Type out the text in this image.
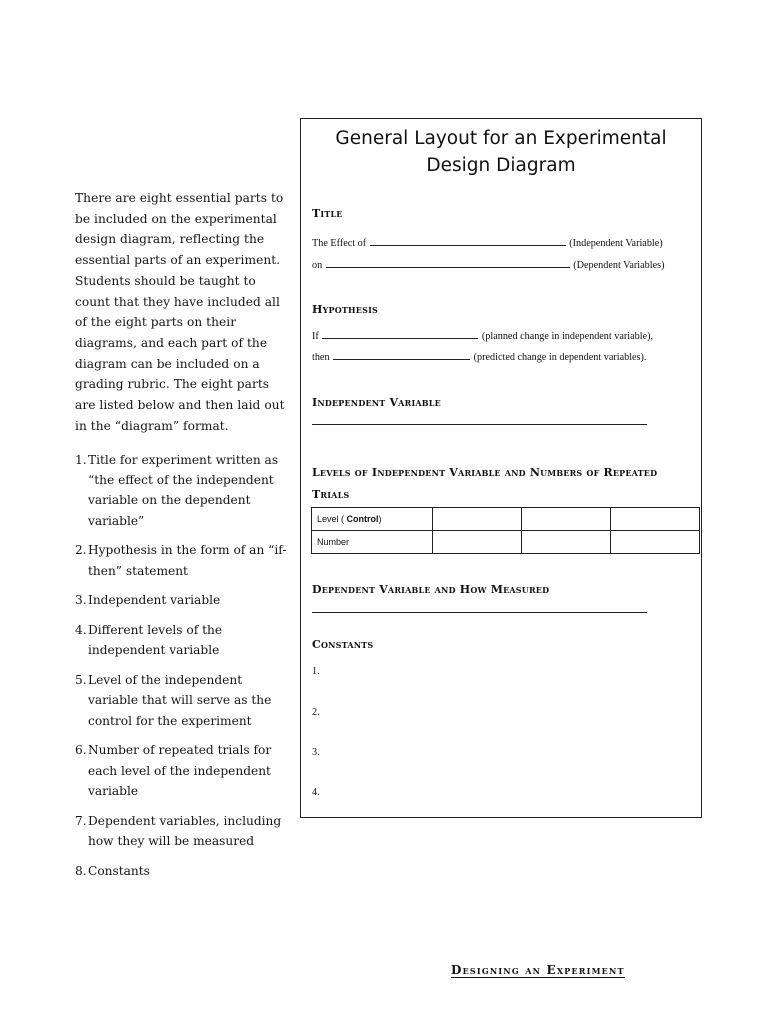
There are eight essential parts to be included on the experimental design diagram, reflecting the essential parts of an experiment. Students should be taught to count that they have included all of the eight parts on their diagrams, and each part of the diagram can be included on a grading rubric. The eight parts are listed below and then laid out in the “diagram” format.
1. Title for experiment written as “the effect of the independent variable on the dependent variable”
2. Hypothesis in the form of an “if-then” statement
3. Independent variable
4. Different levels of the independent variable
5. Level of the independent variable that will serve as the control for the experiment
6. Number of repeated trials for each level of the independent variable
7. Dependent variables, including how they will be measured
8. Constants
General Layout for an Experimental Design Diagram
Title
The Effect of	(Independent Variable)
on	(Dependent Variables)
Hypothesis
If	(planned change in independent variable),
then	(predicted change in dependent variables).
Independent Variable
Levels of Independent Variable and Numbers of Repeated Trials
Level ( Control)			
Number			
Dependent Variable and How Measured
Constants
1.
2.
3.
4.
Designing an Experiment
